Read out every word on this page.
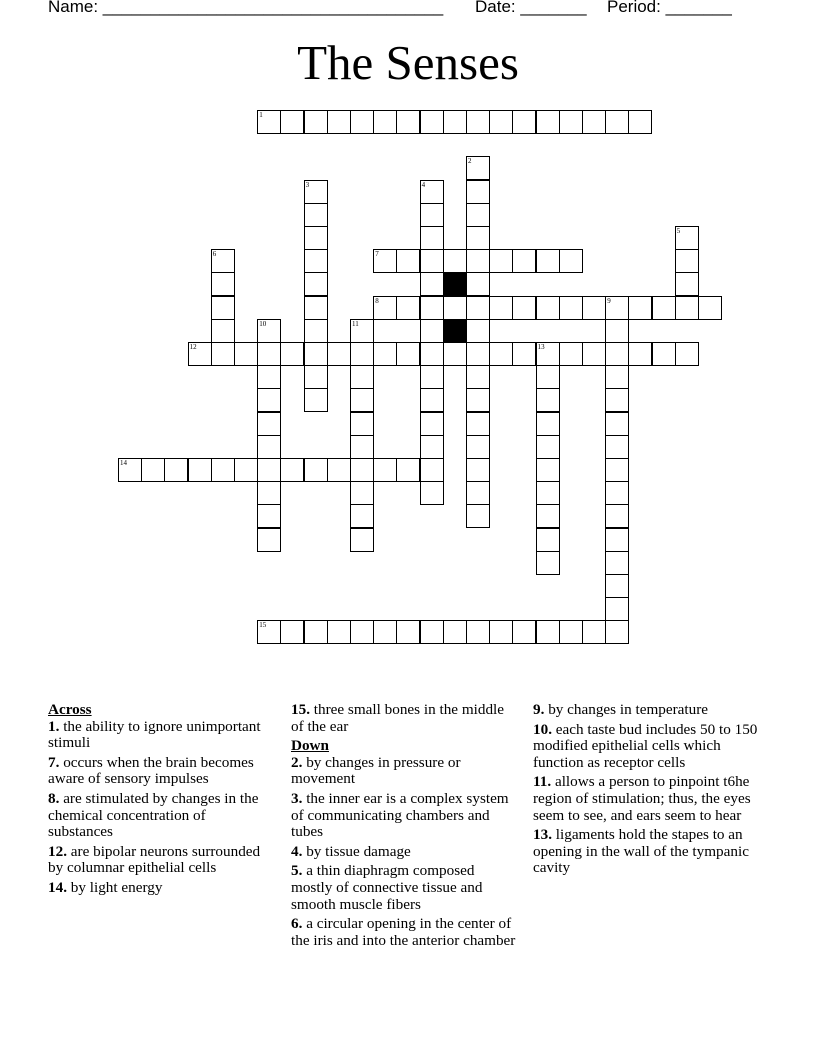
Name: ____________________________________ Date: _______ Period: _______
The Senses
1
7
8	9
12	13
14
15
2
3	4
5
6
10	11
Across
1. the ability to ignore unimportant stimuli
7. occurs when the brain becomes aware of sensory impulses
8. are stimulated by changes in the chemical concentration of substances
12. are bipolar neurons surrounded by columnar epithelial cells
14. by light energy
15. three small bones in the middle of the ear
Down
2. by changes in pressure or movement
3. the inner ear is a complex system of communicating chambers and tubes
4. by tissue damage
5. a thin diaphragm composed mostly of connective tissue and smooth muscle fibers
6. a circular opening in the center of the iris and into the anterior chamber
9. by changes in temperature
10. each taste bud includes 50 to 150 modified epithelial cells which function as receptor cells
11. allows a person to pinpoint t6he region of stimulation; thus, the eyes seem to see, and ears seem to hear
13. ligaments hold the stapes to an opening in the wall of the tympanic cavity
